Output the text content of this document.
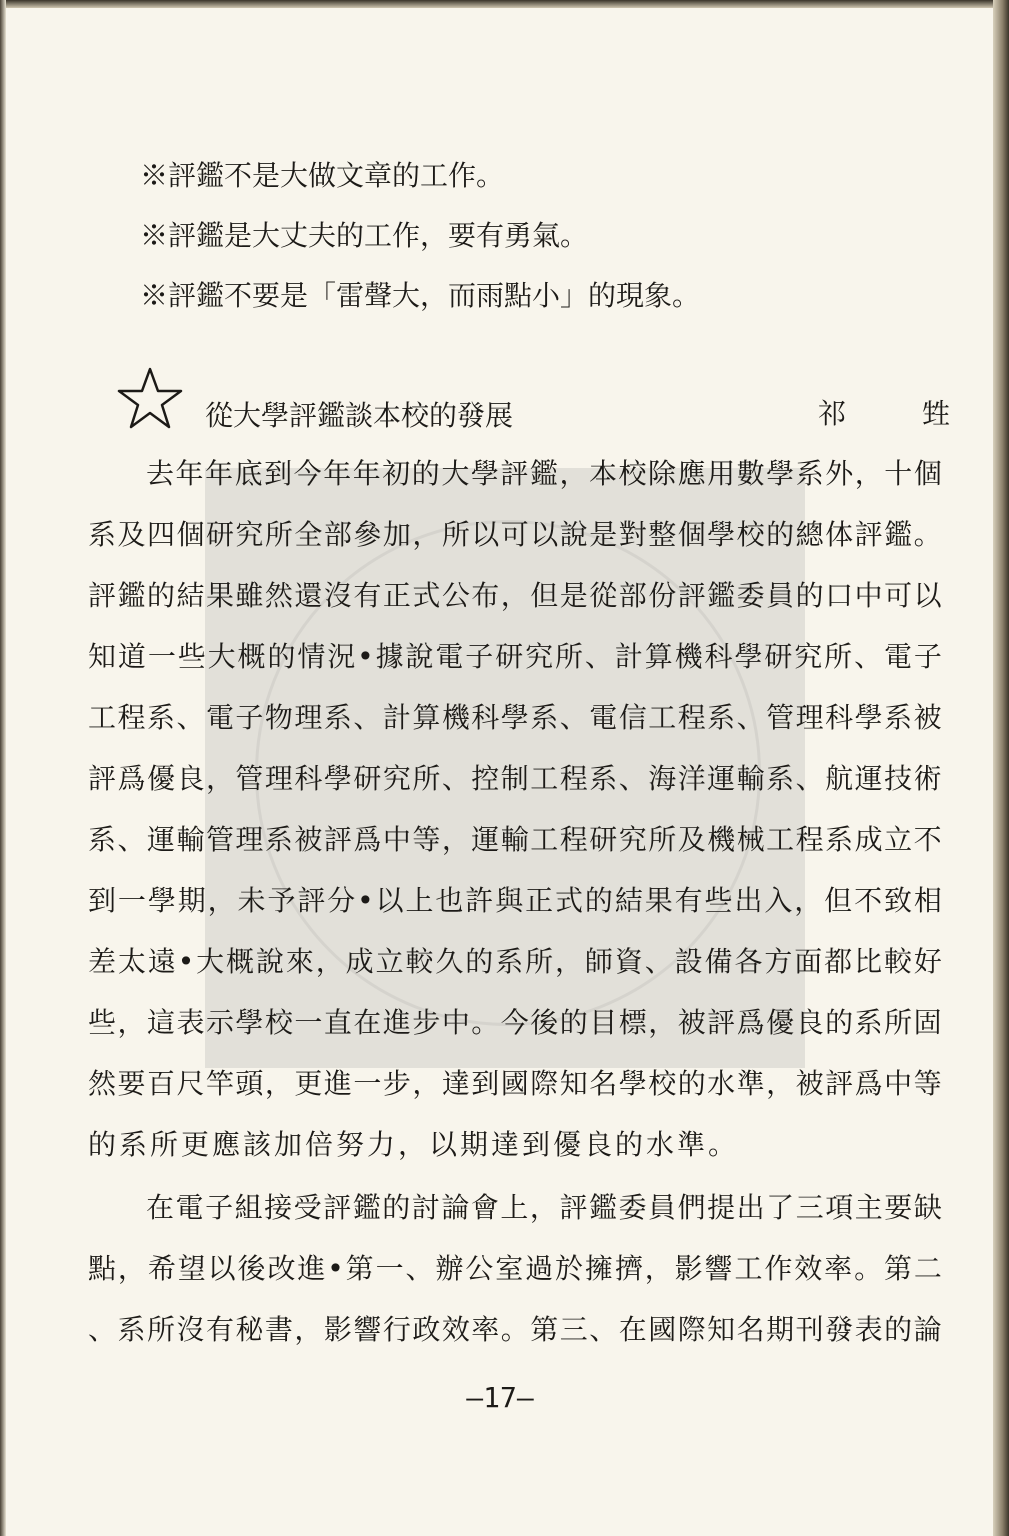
※評鑑不是大做文章的工作。
※評鑑是大丈夫的工作，要有勇氣。
※評鑑不要是「雷聲大，而雨點小」的現象。
從大學評鑑談本校的發展	祁　甡
去 年 年 底 到 今 年 年 初 的 大 學 評 鑑 ， 本 校 除 應 用 數 學 系 外 ， 十 個
系 及 四 個 研 究 所 全 部 參 加 ， 所 以 可 以 說 是 對 整 個 學 校 的 總 体 評 鑑 。
評 鑑 的 結 果 雖 然 還 沒 有 正 式 公 布 ， 但 是 從 部 份 評 鑑 委 員 的 口 中 可 以
知 道 一 些 大 概 的 情 況 • 據 說 電 子 研 究 所 、 計 算 機 科 學 研 究 所 、 電 子
工 程 系 、 電 子 物 理 系 、 計 算 機 科 學 系 、 電 信 工 程 系 、 管 理 科 學 系 被
評 爲 優 良 ， 管 理 科 學 研 究 所 、 控 制 工 程 系 、 海 洋 運 輸 系 、 航 運 技 術
系 、 運 輸 管 理 系 被 評 爲 中 等 ， 運 輸 工 程 研 究 所 及 機 械 工 程 系 成 立 不
到 一 學 期 ， 未 予 評 分 • 以 上 也 許 與 正 式 的 結 果 有 些 出 入 ， 但 不 致 相
差 太 遠 • 大 概 說 來 ， 成 立 較 久 的 系 所 ， 師 資 、 設 備 各 方 面 都 比 較 好
些 ， 這 表 示 學 校 一 直 在 進 步 中 。 今 後 的 目 標 ， 被 評 爲 優 良 的 系 所 固
然 要 百 尺 竿 頭 ， 更 進 一 步 ， 達 到 國 際 知 名 學 校 的 水 準 ， 被 評 爲 中 等
的系所更應該加倍努力，以期達到優良的水準。
在 電 子 組 接 受 評 鑑 的 討 論 會 上 ， 評 鑑 委 員 們 提 出 了 三 項 主 要 缺
點 ， 希 望 以 後 改 進 • 第 一 、 辦 公 室 過 於 擁 擠 ， 影 響 工 作 效 率 。 第 二
、 系 所 沒 有 秘 書 ， 影 響 行 政 效 率 。 第 三 、 在 國 際 知 名 期 刊 發 表 的 論
—17—
